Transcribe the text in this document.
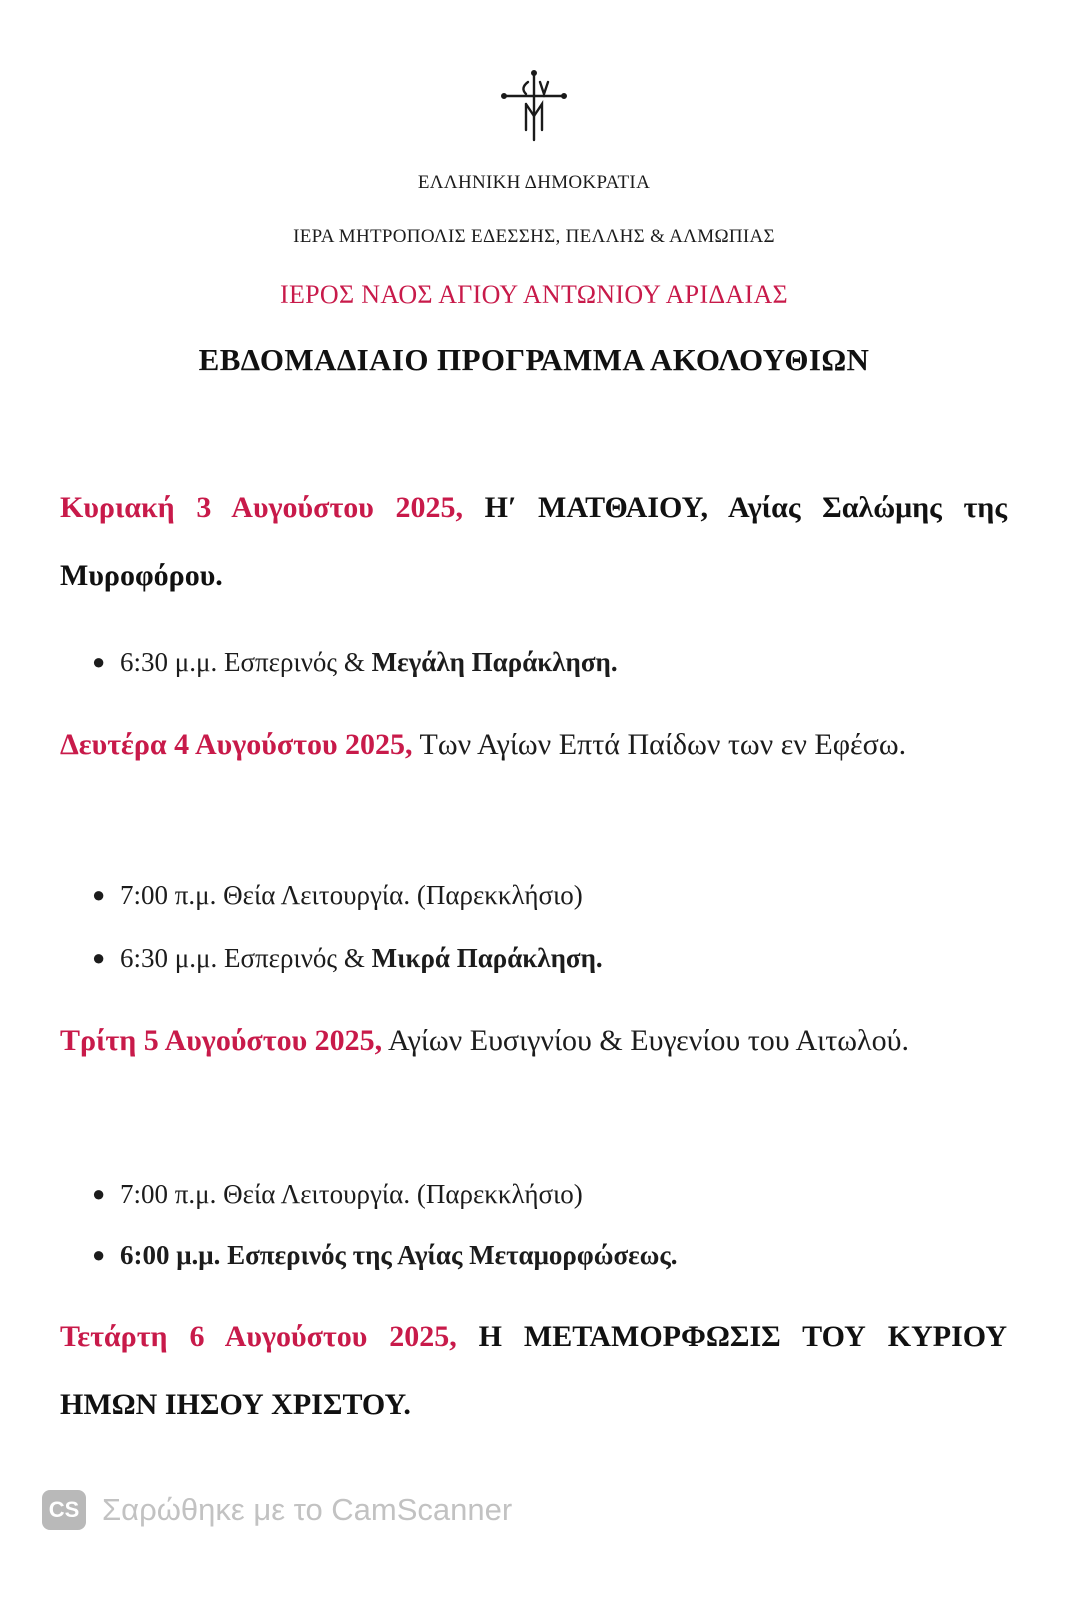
ΕΛΛΗΝΙΚΗ ΔΗΜΟΚΡΑΤΙΑ
ΙΕΡΑ ΜΗΤΡΟΠΟΛΙΣ ΕΔΕΣΣΗΣ, ΠΕΛΛΗΣ & ΑΛΜΩΠΙΑΣ
ΙΕΡΟΣ ΝΑΟΣ ΑΓΙΟΥ ΑΝΤΩΝΙΟΥ ΑΡΙΔΑΙΑΣ
ΕΒΔΟΜΑΔΙΑΙΟ ΠΡΟΓΡΑΜΜΑ ΑΚΟΛΟΥΘΙΩΝ
Κυριακή 3 Αυγούστου 2025, Η′ ΜΑΤΘΑΙΟΥ, Αγίας Σαλώμης της Μυροφόρου.
● 6:30 μ.μ. Εσπερινός & Μεγάλη Παράκληση.
Δευτέρα 4 Αυγούστου 2025, Των Αγίων Επτά Παίδων των εν Εφέσω.
● 7:00 π.μ. Θεία Λειτουργία. (Παρεκκλήσιο)
● 6:30 μ.μ. Εσπερινός & Μικρά Παράκληση.
Τρίτη 5 Αυγούστου 2025, Αγίων Ευσιγνίου & Ευγενίου του Αιτωλού.
● 7:00 π.μ. Θεία Λειτουργία. (Παρεκκλήσιο)
● 6:00 μ.μ. Εσπερινός της Αγίας Μεταμορφώσεως.
Τετάρτη 6 Αυγούστου 2025, Η ΜΕΤΑΜΟΡΦΩΣΙΣ ΤΟΥ ΚΥΡΙΟΥ ΗΜΩΝ ΙΗΣΟΥ ΧΡΙΣΤΟΥ.
CS Σαρώθηκε με το CamScanner
